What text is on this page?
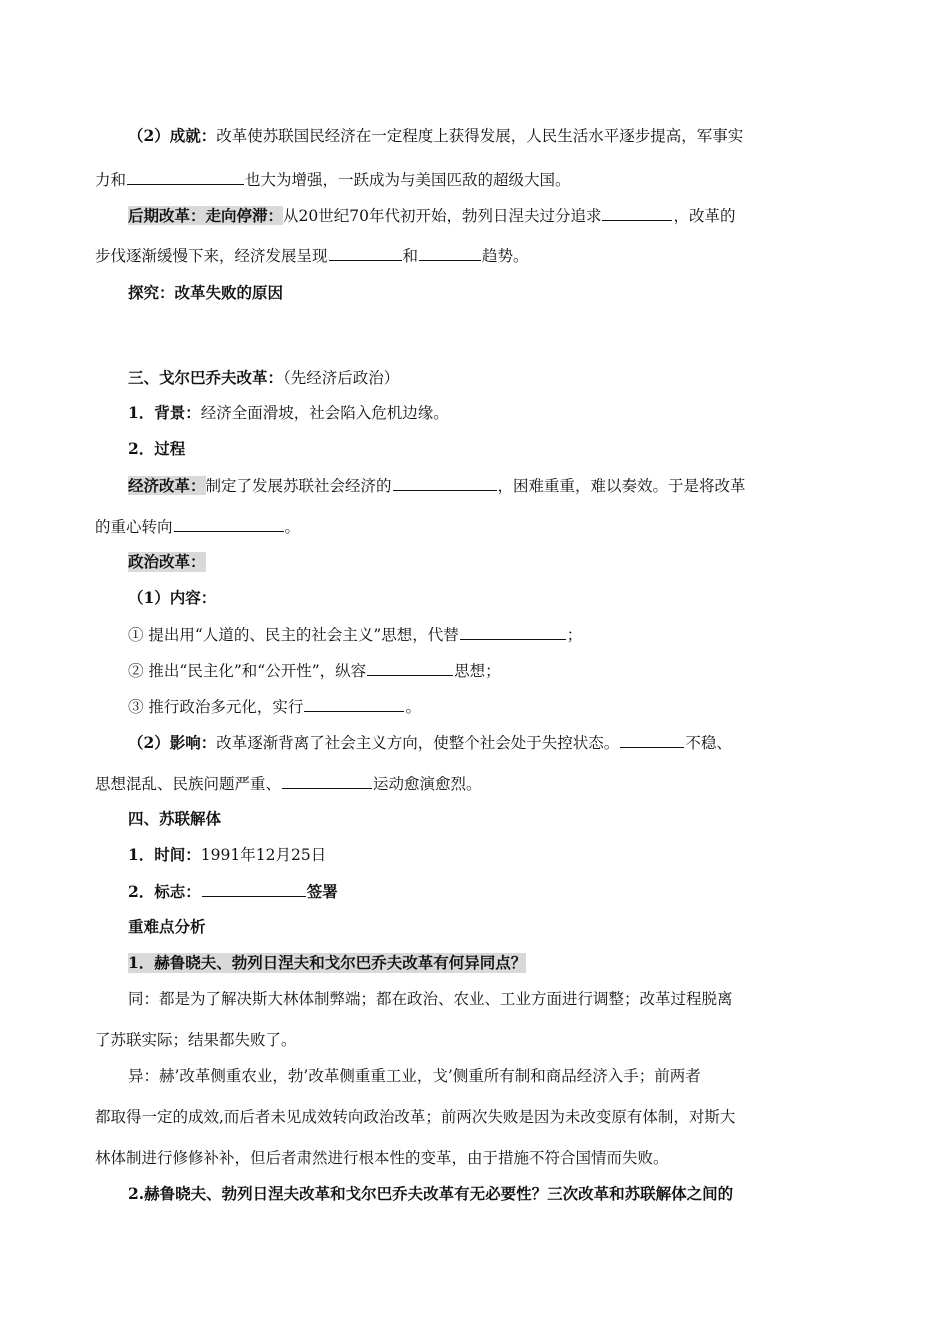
（2）成就：改革使苏联国民经济在一定程度上获得发展，人民生活水平逐步提高，军事实
力和	也大为增强，一跃成为与美国匹敌的超级大国。
后期改革：走向停滞：从20世纪70年代初开始，勃列日涅夫过分追求	，改革的
步伐逐渐缓慢下来，经济发展呈现	和	趋势。
探究：改革失败的原因
三、戈尔巴乔夫改革：（先经济后政治）
1．背景：经济全面滑坡，社会陷入危机边缘。
2．过程
经济改革：制定了发展苏联社会经济的	，困难重重，难以奏效。于是将改革
的重心转向	。
政治改革：
（1）内容：
① 提出用“人道的、民主的社会主义”思想，代替	；
② 推出“民主化”和“公开性”，纵容	思想；
③ 推行政治多元化，实行	。
（2）影响：改革逐渐背离了社会主义方向，使整个社会处于失控状态。	不稳、
思想混乱、民族问题严重、	运动愈演愈烈。
四、苏联解体
1．时间：1991年12月25日
2．标志：	签署
重难点分析
1．赫鲁晓夫、勃列日涅夫和戈尔巴乔夫改革有何异同点？
同：都是为了解决斯大林体制弊端；都在政治、农业、工业方面进行调整；改革过程脱离
了苏联实际；结果都失败了。
异：赫’改革侧重农业，勃’改革侧重重工业，戈’侧重所有制和商品经济入手；前两者
都取得一定的成效,而后者未见成效转向政治改革；前两次失败是因为未改变原有体制，对斯大
林体制进行修修补补，但后者肃然进行根本性的变革，由于措施不符合国情而失败。
2.赫鲁晓夫、勃列日涅夫改革和戈尔巴乔夫改革有无必要性？三次改革和苏联解体之间的
